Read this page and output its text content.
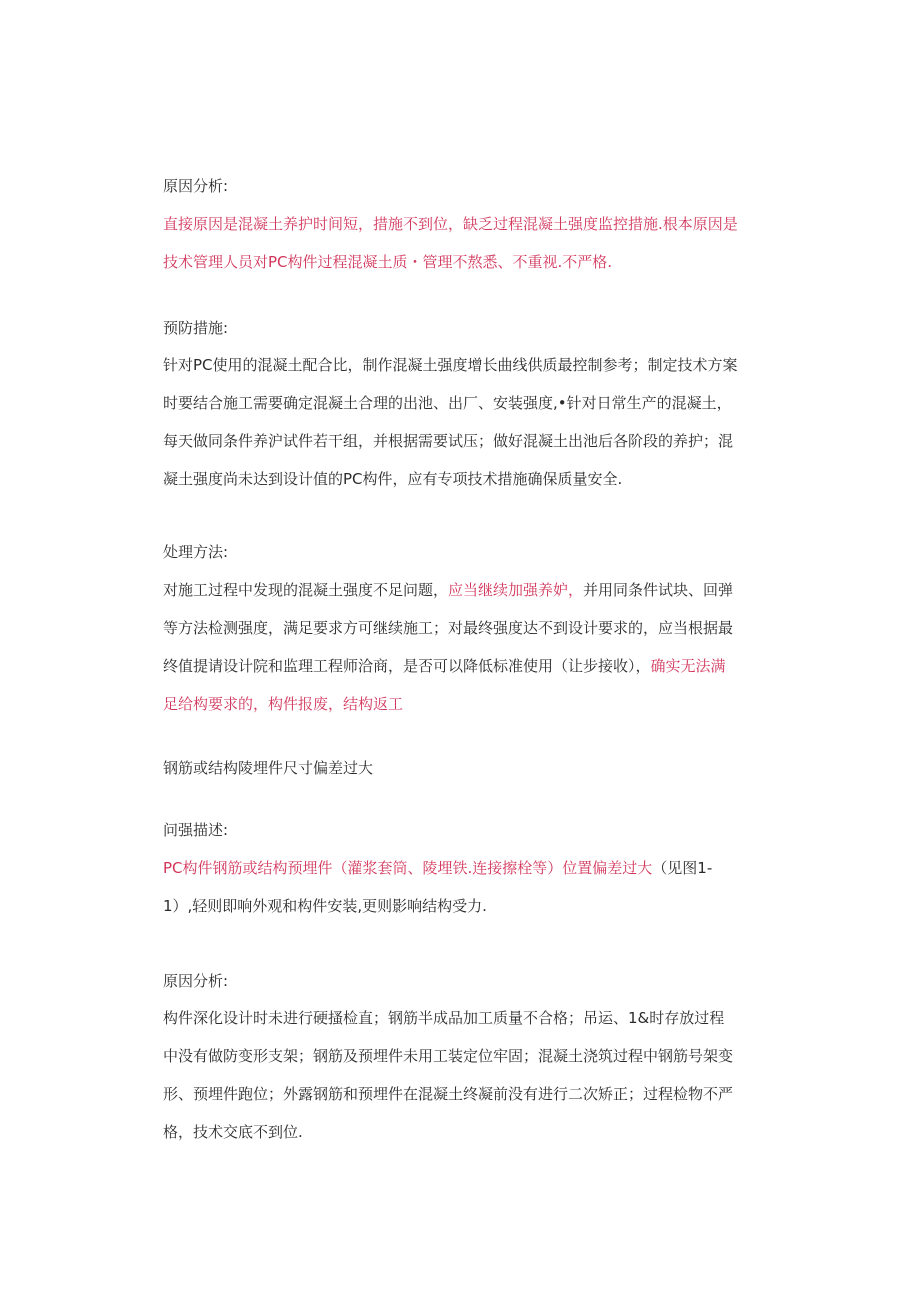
原因分析:

直接原因是混凝土养护时间短，措施不到位，缺乏过程混凝土强度监控措施.根本原因是

技术管理人员对PC构件过程混凝土质・管理不熬悉、不重视.不严格.

预防措施:

针对PC使用的混凝土配合比，制作混凝土强度增长曲线供质最控制参考；制定技术方案

时要结合施工需要确定混凝土合理的出池、出厂、安装强度,•针对日常生产的混凝土，

每天做同条件养沪试件若干组，并根据需要试压；做好混凝土出池后各阶段的养护；混

凝土强度尚未达到设计值的PC构件，应有专项技术措施确保质量安全.

处理方法:

对施工过程中发现的混凝土强度不足问题，应当继续加强养妒，并用同条件试块、回弹

等方法检测强度，满足要求方可继续施工；对最终强度达不到设计要求的，应当根据最

终值提请设计院和监理工程师洽商，是否可以降低标准使用（让步接收），确实无法满

足给构要求的，构件报废，结构返工

钢筋或结构陵埋件尺寸偏差过大
问强描述:

PC构件钢筋或结构预埋件（灌浆套筒、陵埋铁.连接擦栓等）位置偏差过大（见图1-

1）,轻则即响外观和构件安装,更则影响结构受力.

原因分析:

构件深化设计时未进行硬搔检直；钢筋半成品加工质量不合格；吊运、1&时存放过程

中没有做防变形支架；钢筋及预埋件未用工装定位牢固；混凝土浇筑过程中钢筋号架变

形、预埋件跑位；外露钢筋和预埋件在混凝土终凝前没有进行二次矫正；过程检物不严

格，技术交底不到位.
